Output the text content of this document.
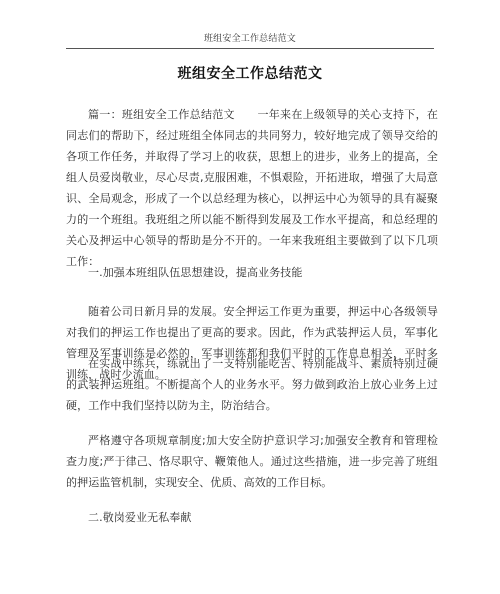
班组安全工作总结范文
班组安全工作总结范文
篇一：班组安全工作总结范文　　一年来在上级领导的关心支持下，在同志们的帮助下，经过班组全体同志的共同努力，较好地完成了领导交给的各项工作任务，并取得了学习上的收获，思想上的进步，业务上的提高，全组人员爱岗敬业，尽心尽责,克服困难，不惧艰险，开拓进取，增强了大局意识、全局观念，形成了一个以总经理为核心，以押运中心为领导的具有凝聚力的一个班组。我班组之所以能不断得到发展及工作水平提高，和总经理的关心及押运中心领导的帮助是分不开的。一年来我班组主要做到了以下几项工作：
一.加强本班组队伍思想建设，提高业务技能
随着公司日新月异的发展。安全押运工作更为重要，押运中心各级领导对我们的押运工作也提出了更高的要求。因此，作为武装押运人员，军事化管理及军事训练是必然的，军事训练都和我们平时的工作息息相关，平时多训练，战时少流血。
在实战中练兵，练就出了一支特别能吃苦、特别能战斗、素质特别过硬的武装押运班组。不断提高个人的业务水平。努力做到政治上放心业务上过硬，工作中我们坚持以防为主，防治结合。
严格遵守各项规章制度;加大安全防护意识学习;加强安全教育和管理检查力度;严于律己、恪尽职守、鞭策他人。通过这些措施，进一步完善了班组的押运监管机制，实现安全、优质、高效的工作目标。
二.敬岗爱业无私奉献
